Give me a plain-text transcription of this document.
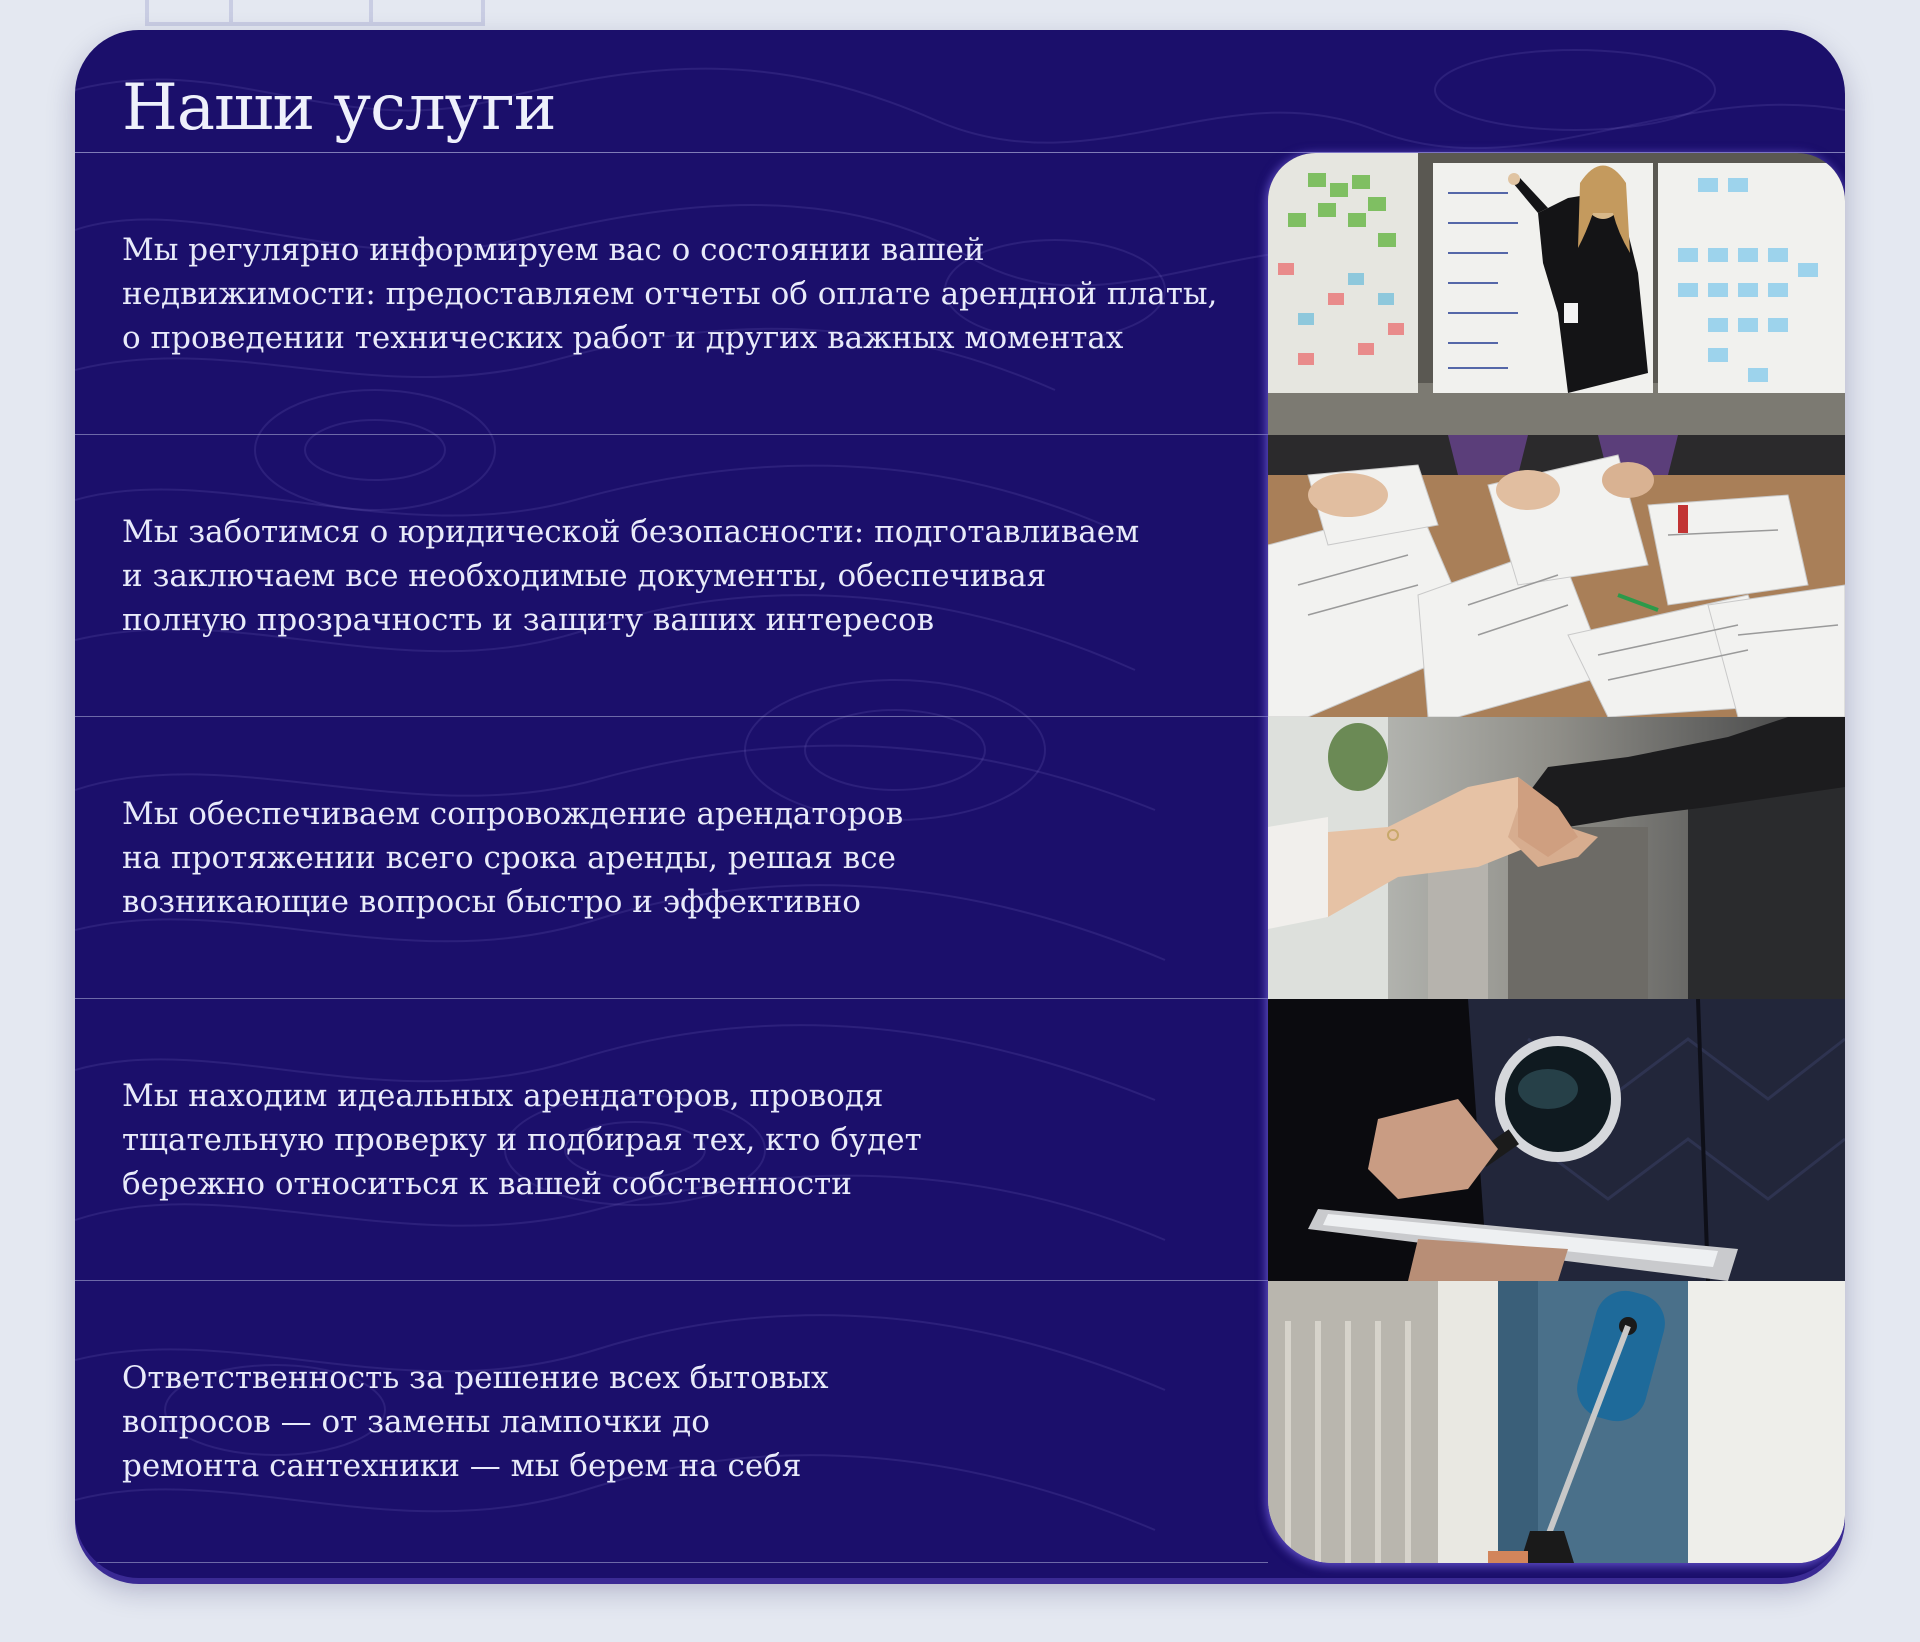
Наши услуги

Мы регулярно информируем вас о состоянии вашей
недвижимости: предоставляем отчеты об оплате арендной платы,
о проведении технических работ и других важных моментах

Мы заботимся о юридической безопасности: подготавливаем
и заключаем все необходимые документы, обеспечивая
полную прозрачность и защиту ваших интересов

Мы обеспечиваем сопровождение арендаторов
на протяжении всего срока аренды, решая все
возникающие вопросы быстро и эффективно

Мы находим идеальных арендаторов, проводя
тщательную проверку и подбирая тех, кто будет
бережно относиться к вашей собственности

Ответственность за решение всех бытовых
вопросов — от замены лампочки до
ремонта сантехники — мы берем на себя
